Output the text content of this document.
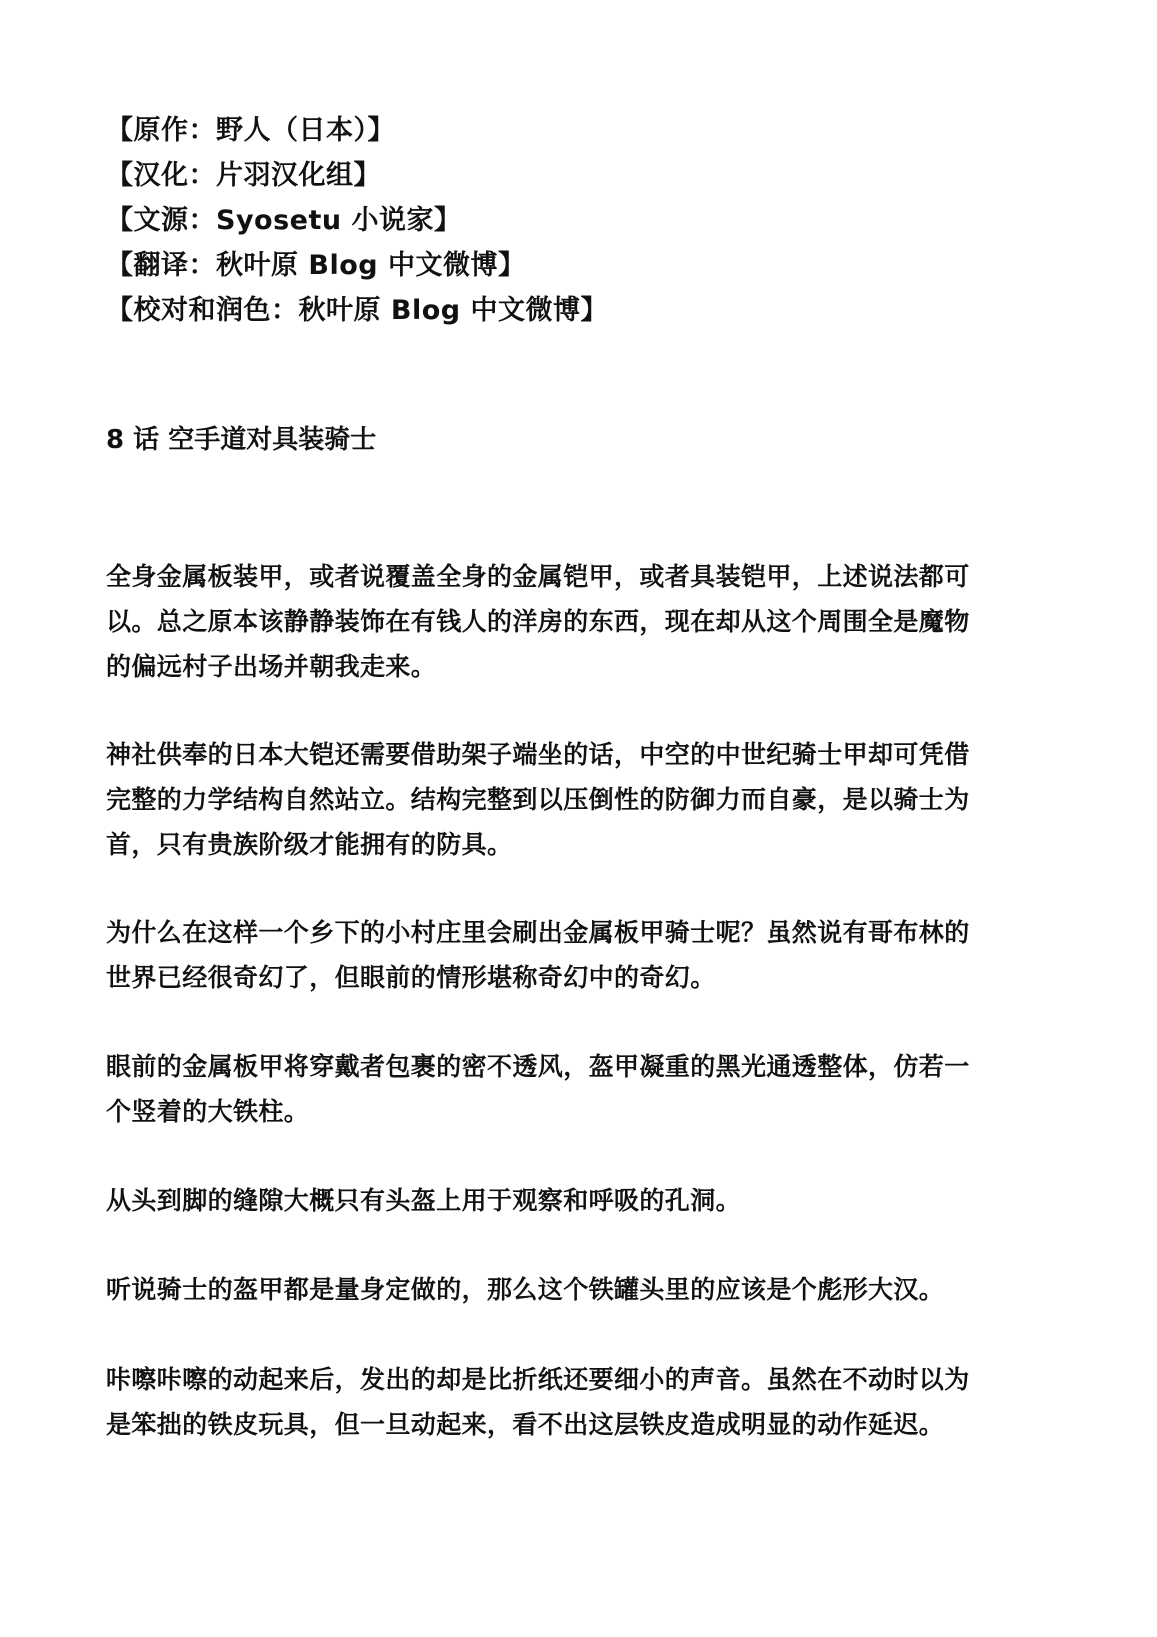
【原作：野人（日本）】
【汉化：片羽汉化组】
【文源：Syosetu 小说家】
【翻译：秋叶原 Blog 中文微博】
【校对和润色：秋叶原 Blog 中文微博】
8 话 空手道对具装骑士

全身金属板装甲，或者说覆盖全身的金属铠甲，或者具装铠甲，上述说法都可
以。总之原本该静静装饰在有钱人的洋房的东西，现在却从这个周围全是魔物
的偏远村子出场并朝我走来。

神社供奉的日本大铠还需要借助架子端坐的话，中空的中世纪骑士甲却可凭借
完整的力学结构自然站立。结构完整到以压倒性的防御力而自豪，是以骑士为
首，只有贵族阶级才能拥有的防具。

为什么在这样一个乡下的小村庄里会刷出金属板甲骑士呢？虽然说有哥布林的
世界已经很奇幻了，但眼前的情形堪称奇幻中的奇幻。

眼前的金属板甲将穿戴者包裹的密不透风，盔甲凝重的黑光通透整体，仿若一
个竖着的大铁柱。

从头到脚的缝隙大概只有头盔上用于观察和呼吸的孔洞。

听说骑士的盔甲都是量身定做的，那么这个铁罐头里的应该是个彪形大汉。

咔嚓咔嚓的动起来后，发出的却是比折纸还要细小的声音。虽然在不动时以为
是笨拙的铁皮玩具，但一旦动起来，看不出这层铁皮造成明显的动作延迟。
